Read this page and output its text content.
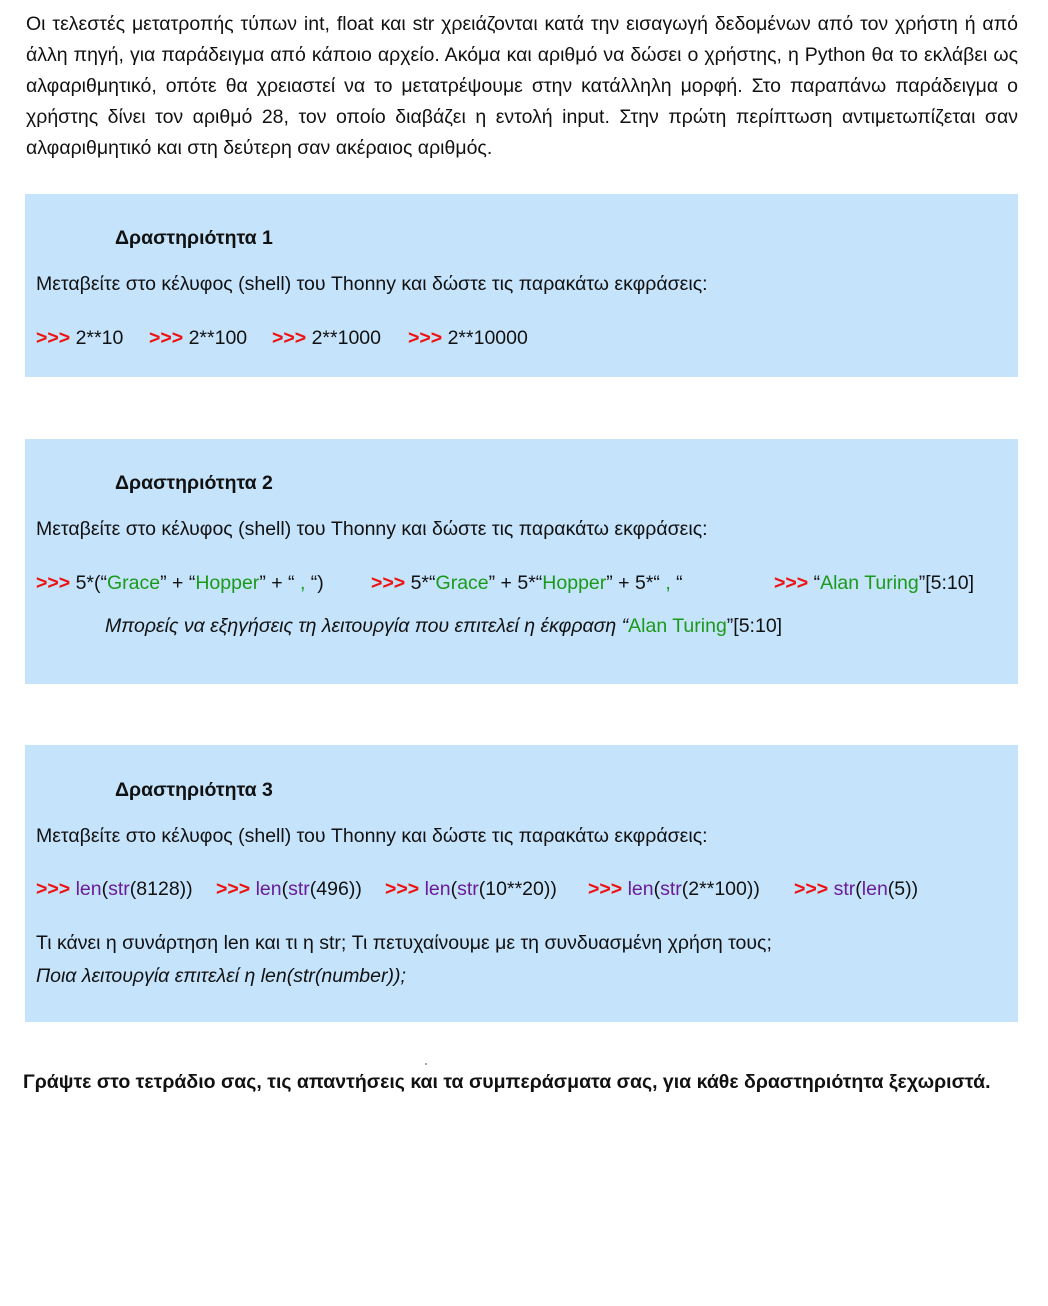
Οι τελεστές μετατροπής τύπων int, float και str χρειάζονται κατά την εισαγωγή δεδομένων από τον χρήστη ή από άλλη πηγή, για παράδειγμα από κάποιο αρχείο. Ακόμα και αριθμό να δώσει ο χρήστης, η Python θα το εκλάβει ως αλφαριθμητικό, οπότε θα χρειαστεί να το μετατρέψουμε στην κατάλληλη μορφή. Στο παραπάνω παράδειγμα ο χρήστης δίνει τον αριθμό 28, τον οποίο διαβάζει η εντολή input. Στην πρώτη περίπτωση αντιμετωπίζεται σαν αλφαριθμητικό και στη δεύτερη σαν ακέραιος αριθμός.
Δραστηριότητα 1
Μεταβείτε στο κέλυφος (shell) του Thonny και δώστε τις παρακάτω εκφράσεις:
>>> 2**10 >>> 2**100 >>> 2**1000 >>> 2**10000
Δραστηριότητα 2
Μεταβείτε στο κέλυφος (shell) του Thonny και δώστε τις παρακάτω εκφράσεις:
>>> 5*(“Grace” + “Hopper” + “ , “) >>> 5*“Grace” + 5*“Hopper” + 5*“ , “	>>> “Alan Turing”[5:10]
Μπορείς να εξηγήσεις τη λειτουργία που επιτελεί η έκφραση “Alan Turing”[5:10]
Δραστηριότητα 3
Μεταβείτε στο κέλυφος (shell) του Thonny και δώστε τις παρακάτω εκφράσεις:
>>> len(str(8128)) >>> len(str(496)) >>> len(str(10**20)) >>> len(str(2**100)) >>> str(len(5))
Τι κάνει η συνάρτηση len και τι η str; Τι πετυχαίνουμε με τη συνδυασμένη χρήση τους;
Ποια λειτουργία επιτελεί η len(str(number));
Γράψτε στο τετράδιο σας, τις απαντήσεις και τα συμπεράσματα σας, για κάθε δραστηριότητα ξεχωριστά.
